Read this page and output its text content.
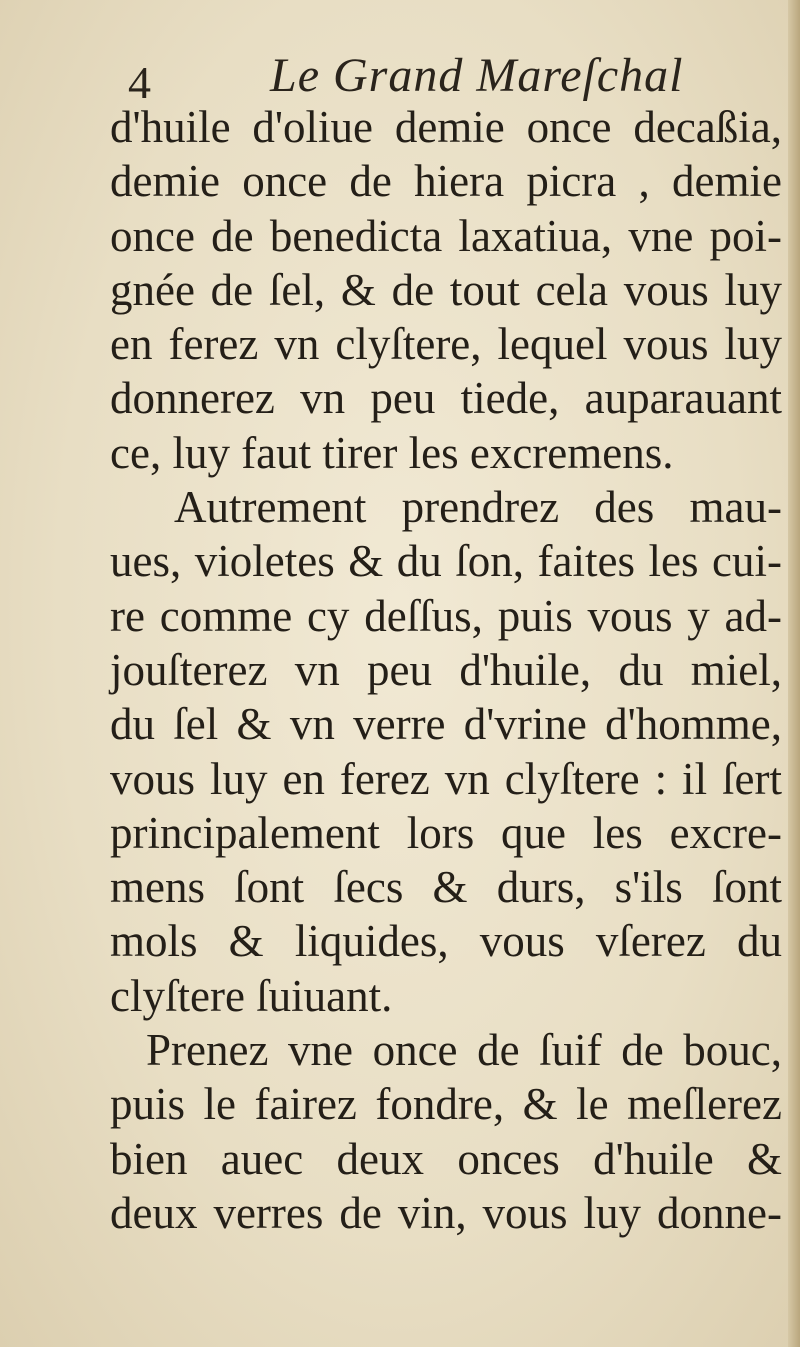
4 Le Grand Mareſchal
d'huile d'oliue demie once decaßia,
demie once de hiera picra , demie
once de benedicta laxatiua, vne poi-
gnée de ſel, & de tout cela vous luy
en ferez vn clyſtere, lequel vous luy
donnerez vn peu tiede, auparauant
ce, luy faut tirer les excremens.
Autrement prendrez des mau-
ues, violetes & du ſon, faites les cui-
re comme cy deſſus, puis vous y ad-
jouſterez vn peu d'huile, du miel,
du ſel & vn verre d'vrine d'homme,
vous luy en ferez vn clyſtere : il ſert
principalement lors que les excre-
mens ſont ſecs & durs, s'ils ſont
mols & liquides, vous vſerez du
clyſtere ſuiuant.
Prenez vne once de ſuif de bouc,
puis le fairez fondre, & le meſlerez
bien auec deux onces d'huile &
deux verres de vin, vous luy donne-
